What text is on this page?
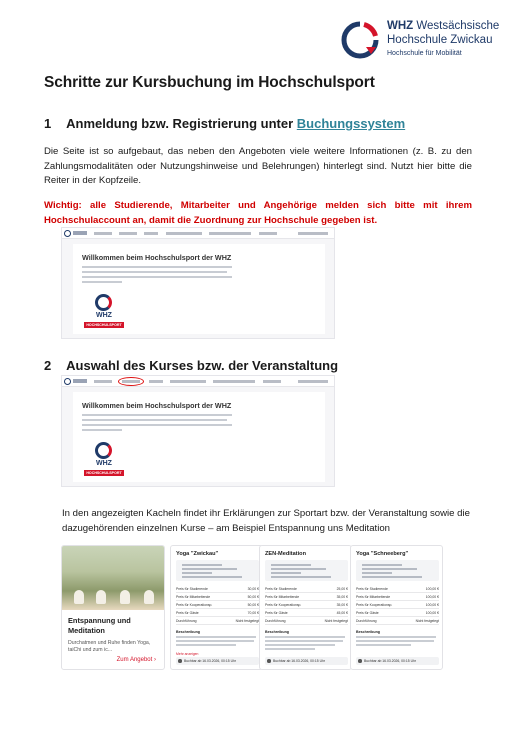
WHZ Westsächsische
Hochschule Zwickau
Hochschule für Mobilität
Schritte zur Kursbuchung im Hochschulsport
1 Anmeldung bzw. Registrierung unter Buchungssystem
Die Seite ist so aufgebaut, das neben den Angeboten viele weitere Informationen (z. B. zu den Zahlungsmodalitäten oder Nutzungshinweise und Belehrungen) hinterlegt sind. Nutzt hier bitte die Reiter in der Kopfzeile.
Wichtig: alle Studierende, Mitarbeiter und Angehörige melden sich bitte mit ihrem Hochschulaccount an, damit die Zuordnung zur Hochschule gegeben ist.
Willkommen beim Hochschulsport der WHZ
WHZ
HOCHSCHULSPORT
2 Auswahl des Kurses bzw. der Veranstaltung
Willkommen beim Hochschulsport der WHZ
WHZ
HOCHSCHULSPORT
In den angezeigten Kacheln findet ihr Erklärungen zur Sportart bzw. der Veranstaltung sowie die dazugehörenden einzelnen Kurse – am Beispiel Entspannung uns Meditation
Entspannung und Meditation
Durchatmen und Ruhe finden Yoga, taiChi und zum ic...
Zum Angebot ›
Yoga "Zwickau"
Preis für Studierende	30,00 €
Preis für Mitarbeitende	50,00 €
Preis für Kooperationsp.	50,00 €
Preis für Gäste	70,00 €
Durchführung	Nicht festgelegt
Beschreibung
Mehr anzeigen
Buchbar ab 16.03.2026, 00:15 Uhr
ZEN-Meditation
Preis für Studierende	25,00 €
Preis für Mitarbeitende	35,00 €
Preis für Kooperationsp.	35,00 €
Preis für Gäste	45,00 €
Durchführung	Nicht festgelegt
Beschreibung
Buchbar ab 16.03.2026, 00:15 Uhr
Yoga "Schneeberg"
Preis für Studierende	100,00 €
Preis für Mitarbeitende	100,00 €
Preis für Kooperationsp.	100,00 €
Preis für Gäste	100,00 €
Durchführung	Nicht festgelegt
Beschreibung
Buchbar ab 16.03.2026, 00:15 Uhr
